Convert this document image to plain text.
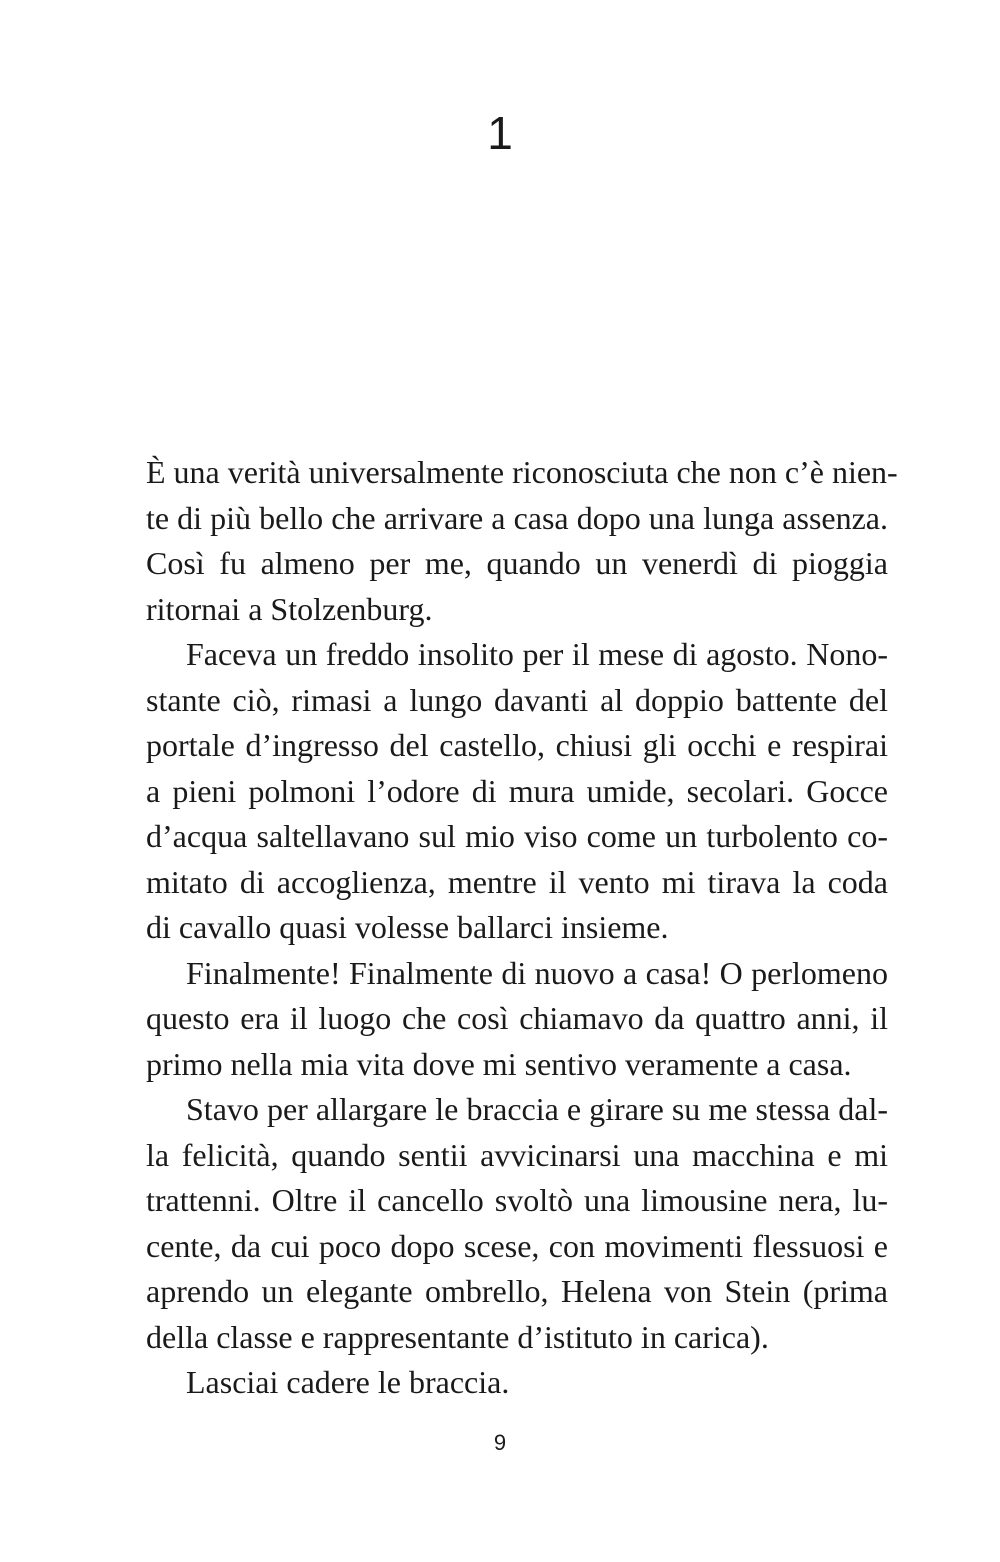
1
È una verità universalmente riconosciuta che non c’è nien-
te di più bello che arrivare a casa dopo una lunga assenza.
Così fu almeno per me, quando un venerdì di pioggia
ritornai a Stolzenburg.
Faceva un freddo insolito per il mese di agosto. Nono-
stante ciò, rimasi a lungo davanti al doppio battente del
portale d’ingresso del castello, chiusi gli occhi e respirai
a pieni polmoni l’odore di mura umide, secolari. Gocce
d’acqua saltellavano sul mio viso come un turbolento co-
mitato di accoglienza, mentre il vento mi tirava la coda
di cavallo quasi volesse ballarci insieme.
Finalmente! Finalmente di nuovo a casa! O perlomeno
questo era il luogo che così chiamavo da quattro anni, il
primo nella mia vita dove mi sentivo veramente a casa.
Stavo per allargare le braccia e girare su me stessa dal-
la felicità, quando sentii avvicinarsi una macchina e mi
trattenni. Oltre il cancello svoltò una limousine nera, lu-
cente, da cui poco dopo scese, con movimenti flessuosi e
aprendo un elegante ombrello, Helena von Stein (prima
della classe e rappresentante d’istituto in carica).
Lasciai cadere le braccia.
9
